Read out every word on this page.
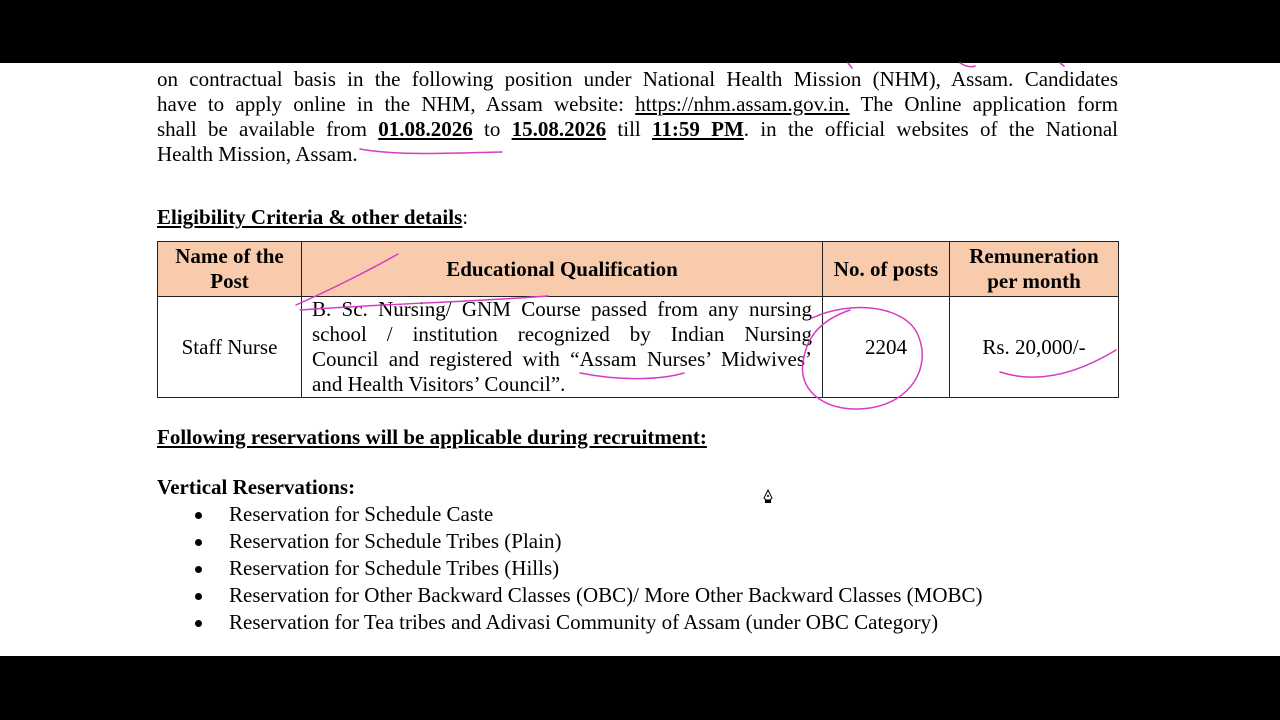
on contractual basis in the following position under National Health Mission (NHM), Assam. Candidates
have to apply online in the NHM, Assam website: https://nhm.assam.gov.in. The Online application form
shall be available from 01.08.2026 to 15.08.2026 till 11:59 PM. in the official websites of the National
Health Mission, Assam.
Eligibility Criteria & other details:
Name of the
Post	Educational Qualification	No. of posts	Remuneration
per month
Staff Nurse	B. Sc. Nursing/ GNM Course passed from any nursing
school / institution recognized by Indian Nursing
Council and registered with “Assam Nurses’ Midwives’
and Health Visitors’ Council”.	2204	Rs. 20,000/-
Following reservations will be applicable during recruitment:
Vertical Reservations:
Reservation for Schedule Caste
Reservation for Schedule Tribes (Plain)
Reservation for Schedule Tribes (Hills)
Reservation for Other Backward Classes (OBC)/ More Other Backward Classes (MOBC)
Reservation for Tea tribes and Adivasi Community of Assam (under OBC Category)
